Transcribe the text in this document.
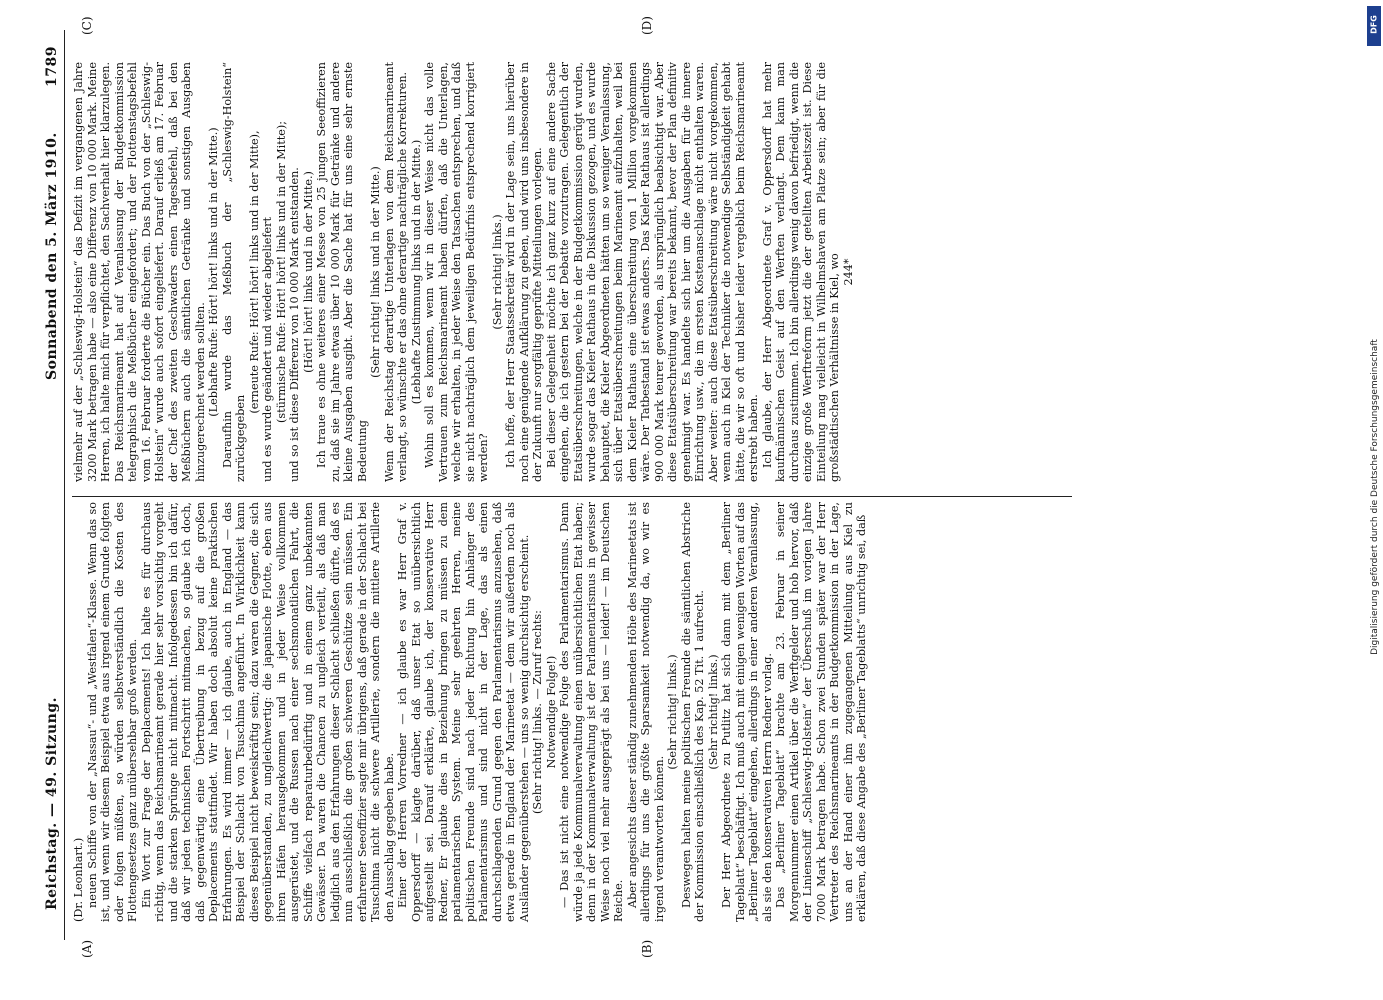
Reichstag. — 49. Sitzung.
Sonnabend den 5. März 1910.
1789
(A)	(B)
(C)	(D)

(Dr. Leonhart.) neuen Schiffe von der „Nassau“- und „Westfalen“-Klasse. Wenn das so ist, und wenn wir diesem Beispiel etwa aus irgend einem Grunde folgten oder folgen müßten, so würden selbstverständlich die Kosten des Flottengesetzes ganz unübersehbar groß werden. Ein Wort zur Frage der Deplacements! Ich halte es für durchaus richtig, wenn das Reichsmarineamt gerade hier sehr vorsichtig vorgeht und die starken Sprünge nicht mitmacht. Infolgedessen bin ich dafür, daß wir jeden technischen Fortschritt mitmachen, so glaube ich doch, daß gegenwärtig eine Übertreibung in bezug auf die großen Deplacements stattfindet. Wir haben doch absolut keine praktischen Erfahrungen. Es wird immer — ich glaube, auch in England — das Beispiel der Schlacht von Tsuschima angeführt. In Wirklichkeit kann dieses Beispiel nicht beweiskräftig sein; dazu waren die Gegner, die sich gegenüberstanden, zu ungleichwertig: die japanische Flotte, eben aus ihren Häfen herausgekommen und in jeder Weise vollkommen ausgerüstet, und die Russen nach einer sechsmonatlichen Fahrt, die Schiffe vielfach reparaturbedürftig und in einem ganz unbekannten Gewässer. Da waren die Chancen zu ungleich verteilt, als daß man lediglich aus den Erfahrungen dieser Schlacht schließen dürfte, daß es nun ausschließlich die großen schweren Geschütze sein müssen. Ein erfahrener Seeoffizier sagte mir übrigens, daß gerade in der Schlacht bei Tsuschima nicht die schwere Artillerie, sondern die mittlere Artillerie den Ausschlag gegeben habe. Einer der Herren Vorredner — ich glaube es war Herr Graf v. Oppersdorff — klagte darüber, daß unser Etat so unübersichtlich aufgestellt sei. Darauf erklärte, glaube ich, der konservative Herr Redner, Er glaubte dies in Beziehung bringen zu müssen zu dem parlamentarischen System. Meine sehr geehrten Herren, meine politischen Freunde sind nach jeder Richtung hin Anhänger des Parlamentarismus und sind nicht in der Lage, das als einen durchschlagenden Grund gegen den Parlamentarismus anzusehen, daß etwa gerade in England der Marineetat — dem wir außerdem noch als Ausländer gegenüberstehen — uns so wenig durchsichtig erscheint. (Sehr richtig! links. — Zuruf rechts: Notwendige Folge!) — Das ist nicht eine notwendige Folge des Parlamentarismus. Dann würde ja jede Kommunalverwaltung einen unübersichtlichen Etat haben; denn in der Kommunalverwaltung ist der Parlamentarismus in gewisser Weise noch viel mehr ausgeprägt als bei uns — leider! — im Deutschen Reiche. Aber angesichts dieser ständig zunehmenden Höhe des Marineetats ist allerdings für uns die größte Sparsamkeit notwendig da, wo wir es irgend verantworten können.

(Sehr richtig! links.) Deswegen halten meine politischen Freunde die sämtlichen Abstriche der Kommission einschließlich des Kap. 52 Tit. 1 aufrecht. (Sehr richtig! links.) Der Herr Abgeordnete zu Putlitz hat sich dann mit dem „Berliner Tageblatt“ beschäftigt. Ich muß auch mit einigen wenigen Worten auf das „Berliner Tageblatt“ eingehen, allerdings in einer anderen Veranlassung, als sie den konservativen Herrn Redner vorlag. Das „Berliner Tageblatt“ brachte am 23. Februar in seiner Morgennummer einen Artikel über die Werftgelder und hob hervor, daß der Linienschiff „Schleswig-Holstein“ der Überschuß im vorigen Jahre 7000 Mark betragen habe. Schon zwei Stunden später war der Herr Vertreter des Reichsmarineamts in der Budgetkommission in der Lage, uns an der Hand einer ihm zugegangenen Mitteilung aus Kiel zu erklären, daß diese Angabe des „Berliner Tageblatts“ unrichtig sei, daß

vielmehr auf der „Schleswig-Holstein“ das Defizit im vergangenen Jahre 3200 Mark betragen habe — also eine Differenz von 10 000 Mark. Meine Herren, ich halte mich für verpflichtet, den Sachverhalt hier klarzulegen. Das Reichsmarineamt hat auf Veranlassung der Budgetkommission telegraphisch die Meßbücher eingefordert; und der Flottenstagsbefehl vom 16. Februar forderte die Bücher ein. Das Buch von der „Schleswig-Holstein“ wurde auch sofort eingeliefert. Darauf erließ am 17. Februar der Chef des zweiten Geschwaders einen Tagesbefehl, daß bei den Meßbüchern auch die sämtlichen Getränke und sonstigen Ausgaben hinzugerechnet werden sollten. (Lebhafte Rufe: Hört! hört! links und in der Mitte.) Daraufhin wurde das Meßbuch der „Schleswig-Holstein“ zurückgegeben

(erneute Rufe: Hört! hört! links und in der Mitte), und es wurde geändert und wieder abgeliefert (stürmische Rufe: Hört! hört! links und in der Mitte); und so ist diese Differenz von 10 000 Mark entstanden. (Hört! hört! links und in der Mitte.) Ich traue es ohne weiteres einer Messe von 25 jungen Seeoffizieren zu, daß sie im Jahre etwas über 10 000 Mark für Getränke und andere kleine Ausgaben ausgibt. Aber die Sache hat für uns eine sehr ernste Bedeutung

(Sehr richtig! links und in der Mitte.) Wenn der Reichstag derartige Unterlagen von dem Reichsmarineamt verlangt, so wünschte er das ohne derartige nachträgliche Korrekturen. (Lebhafte Zustimmung links und in der Mitte.) Wohin soll es kommen, wenn wir in dieser Weise nicht das volle Vertrauen zum Reichsmarineamt haben dürfen, daß die Unterlagen, welche wir erhalten, in jeder Weise den Tatsachen entsprechen, und daß sie nicht nachträglich dem jeweiligen Bedürfnis entsprechend korrigiert werden?

(Sehr richtig! links.) Ich hoffe, der Herr Staatssekretär wird in der Lage sein, uns hierüber noch eine genügende Aufklärung zu geben, und wird uns insbesondere in der Zukunft nur sorgfältig geprüfte Mitteilungen vorlegen. Bei dieser Gelegenheit möchte ich ganz kurz auf eine andere Sache eingehen, die ich gestern bei der Debatte vorzutragen. Gelegentlich der Etatsüberschreitungen, welche in der Budgetkommission gerügt wurden, wurde sogar das Kieler Rathaus in die Diskussion gezogen, und es wurde behauptet, die Kieler Abgeordneten hätten um so weniger Veranlassung, sich über Etatsüberschreitungen beim Marineamt aufzuhalten, weil bei dem Kieler Rathaus eine überschreitung von 1 Million vorgekommen wäre. Der Tatbestand ist etwas anders. Das Kieler Rathaus ist allerdings 900 000 Mark teurer geworden, als ursprünglich beabsichtigt war. Aber diese Etatsüberschreitung war bereits bekannt, bevor der Plan definitiv genehmigt war. Es handelte sich hier um die Ausgaben für die innere Einrichtung usw., die im ersten Kostenanschlage nicht enthalten waren. Aber weiter: auch diese Etatsüberschreitung wäre nicht vorgekommen, wenn auch in Kiel der Techniker die notwendige Selbständigkeit gehabt hätte, die wir so oft und bisher leider vergeblich beim Reichsmarineamt erstrebt haben. Ich glaube, der Herr Abgeordnete Graf v. Oppersdorff hat mehr kaufmännischen Geist auf den Werften verlangt. Dem kann man durchaus zustimmen. Ich bin allerdings wenig davon befriedigt, wenn die einzige große Werftreform jetzt die der getellten Arbeitszeit ist. Diese Einteilung mag vielleicht in Wilhelmshaven am Platze sein; aber für die großstädtischen Verhältnisse in Kiel, wo 244*

DFG
Digitalisierung gefördert durch die Deutsche Forschungsgemeinschaft
